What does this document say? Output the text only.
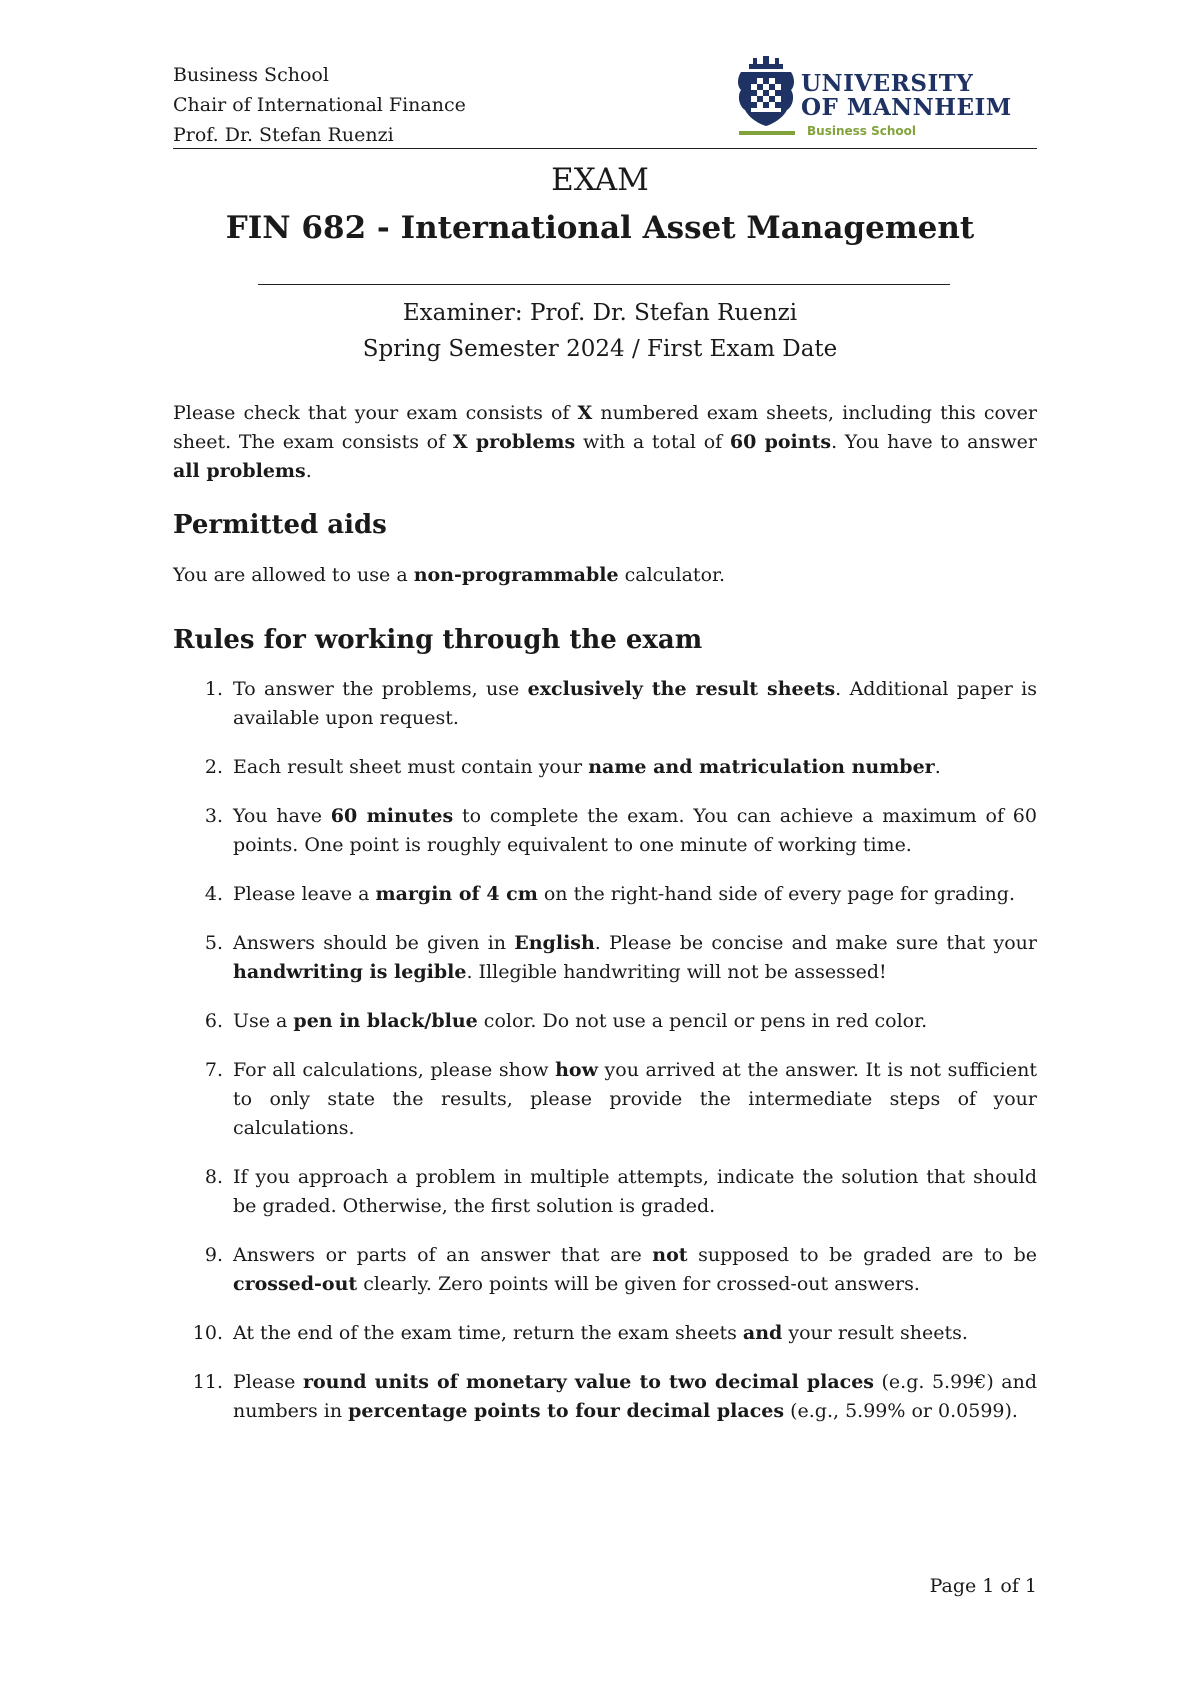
Business School
Chair of International Finance
Prof. Dr. Stefan Ruenzi
UNIVERSITY
OF MANNHEIM
Business School
EXAM
FIN 682 - International Asset Management
Examiner: Prof. Dr. Stefan Ruenzi
Spring Semester 2024 / First Exam Date
Please check that your exam consists of X numbered exam sheets, including this cover sheet. The exam consists of X problems with a total of 60 points. You have to answer all problems.
Permitted aids
You are allowed to use a non-programmable calculator.
Rules for working through the exam
1. To answer the problems, use exclusively the result sheets. Additional paper is available upon request.
2. Each result sheet must contain your name and matriculation number.
3. You have 60 minutes to complete the exam. You can achieve a maximum of 60 points. One point is roughly equivalent to one minute of working time.
4. Please leave a margin of 4 cm on the right-hand side of every page for grading.
5. Answers should be given in English. Please be concise and make sure that your handwriting is legible. Illegible handwriting will not be assessed!
6. Use a pen in black/blue color. Do not use a pencil or pens in red color.
7. For all calculations, please show how you arrived at the answer. It is not sufficient to only state the results, please provide the intermediate steps of your calculations.
8. If you approach a problem in multiple attempts, indicate the solution that should be graded. Otherwise, the first solution is graded.
9. Answers or parts of an answer that are not supposed to be graded are to be crossed-out clearly. Zero points will be given for crossed-out answers.
10. At the end of the exam time, return the exam sheets and your result sheets.
11. Please round units of monetary value to two decimal places (e.g. 5.99€) and numbers in percentage points to four decimal places (e.g., 5.99% or 0.0599).
Page 1 of 1
